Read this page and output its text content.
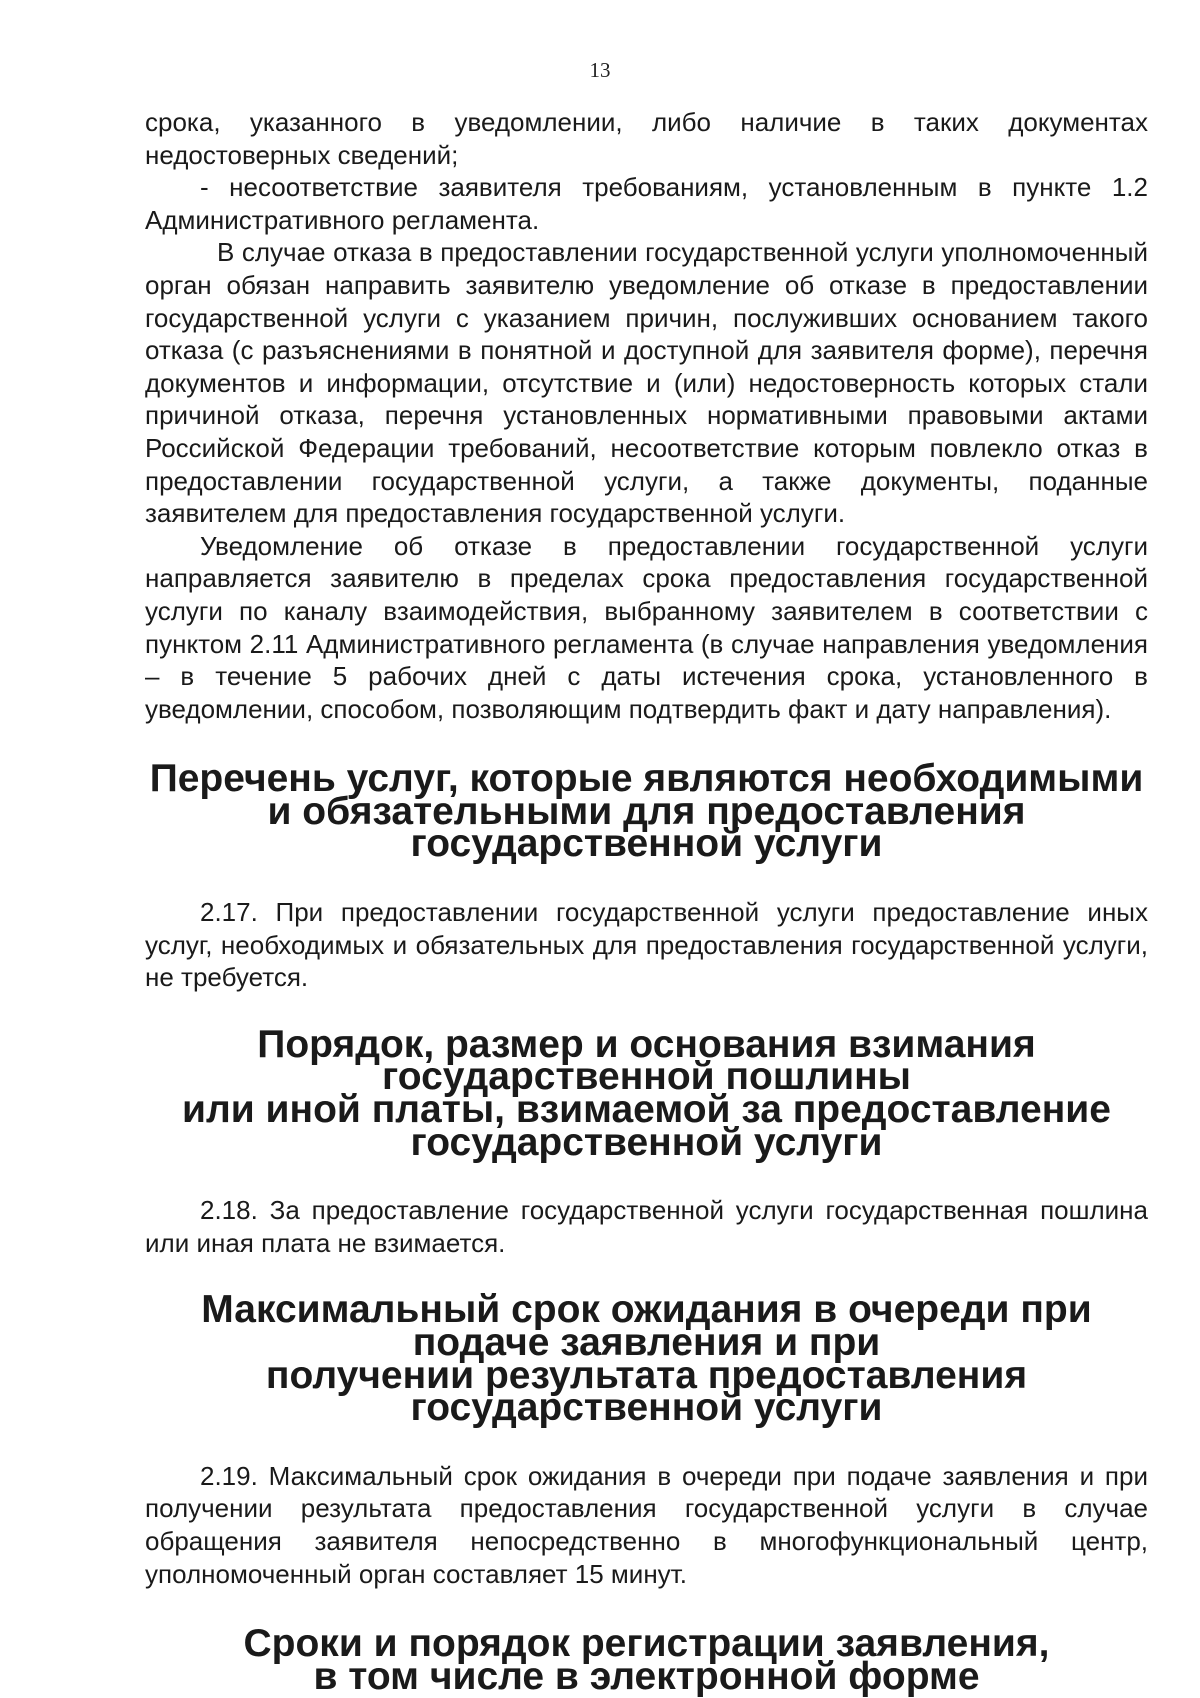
13

срока, указанного в уведомлении, либо наличие в таких документах недостоверных сведений;

- несоответствие заявителя требованиям, установленным в пункте 1.2 Административного регламента.

В случае отказа в предоставлении государственной услуги уполномоченный орган обязан направить заявителю уведомление об отказе в предоставлении государственной услуги с указанием причин, послуживших основанием такого отказа (с разъяснениями в понятной и доступной для заявителя форме), перечня документов и информации, отсутствие и (или) недостоверность которых стали причиной отказа, перечня установленных нормативными правовыми актами Российской Федерации требований, несоответствие которым повлекло отказ в предоставлении государственной услуги, а также документы, поданные заявителем для предоставления государственной услуги.

Уведомление об отказе в предоставлении государственной услуги направляется заявителю в пределах срока предоставления государственной услуги по каналу взаимодействия, выбранному заявителем в соответствии с пунктом 2.11 Административного регламента (в случае направления уведомления – в течение 5 рабочих дней с даты истечения срока, установленного в уведомлении, способом, позволяющим подтвердить факт и дату направления).

Перечень услуг, которые являются необходимыми
и обязательными для предоставления государственной услуги

2.17. При предоставлении государственной услуги предоставление иных услуг, необходимых и обязательных для предоставления государственной услуги, не требуется.

Порядок, размер и основания взимания государственной пошлины
или иной платы, взимаемой за предоставление
государственной услуги

2.18. За предоставление государственной услуги государственная пошлина или иная плата не взимается.

Максимальный срок ожидания в очереди при подаче заявления и при
получении результата предоставления государственной услуги

2.19. Максимальный срок ожидания в очереди при подаче заявления и при получении результата предоставления государственной услуги в случае обращения заявителя непосредственно в многофункциональный центр, уполномоченный орган составляет 15 минут.

Сроки и порядок регистрации заявления,
в том числе в электронной форме
